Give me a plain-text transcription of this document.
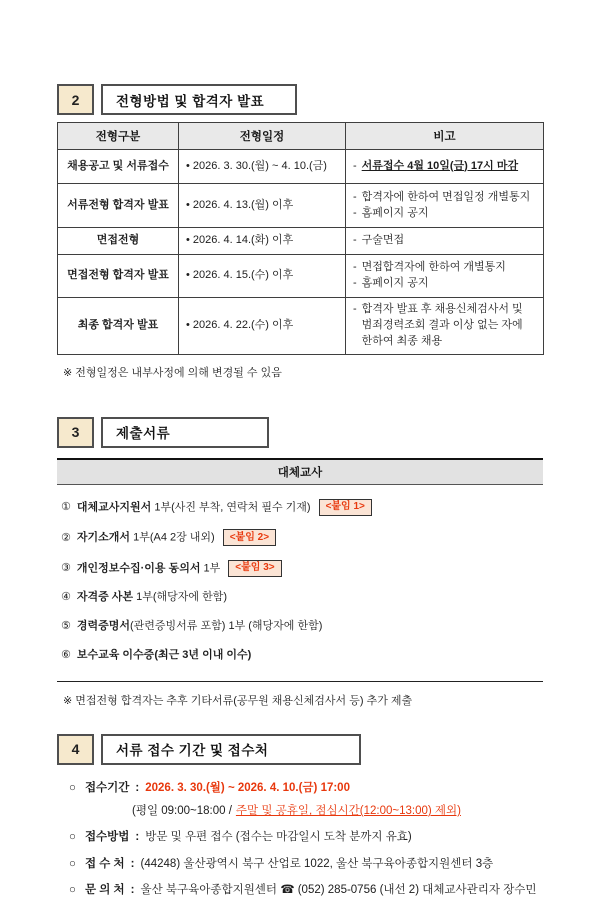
2	전형방법 및 합격자 발표
전형구분	전형일정	비고
채용공고 및 서류접수	• 2026. 3. 30.(월) ~ 4. 10.(금)	- 서류접수 4월 10일(금) 17시 마감

서류전형 합격자 발표	• 2026. 4. 13.(월) 이후	- 합격자에 한하여 면접일정 개별통지
- 홈페이지 공지

면접전형	• 2026. 4. 14.(화) 이후	- 구술면접

면접전형 합격자 발표	• 2026. 4. 15.(수) 이후	- 면접합격자에 한하여 개별통지
- 홈페이지 공지

최종 합격자 발표	• 2026. 4. 22.(수) 이후	- 합격자 발표 후 채용신체검사서 및 범죄경력조회 결과 이상 없는 자에 한하여 최종 채용
※ 전형일정은 내부사정에 의해 변경될 수 있음
3	제출서류
대체교사
① 대체교사지원서 1부(사진 부착, 연락처 필수 기재) <붙임 1>
② 자기소개서 1부(A4 2장 내외) <붙임 2>
③ 개인정보수집·이용 동의서 1부 <붙임 3>
④ 자격증 사본 1부(해당자에 한함)
⑤ 경력증명서(관련증빙서류 포함) 1부 (해당자에 한함)
⑥ 보수교육 이수증(최근 3년 이내 이수)
※ 면접전형 합격자는 추후 기타서류(공무원 채용신체검사서 등) 추가 제출
4	서류 접수 기간 및 접수처
○ 접수기간 : 2026. 3. 30.(월) ~ 2026. 4. 10.(금) 17:00
(평일 09:00~18:00 / 주말 및 공휴일, 점심시간(12:00~13:00) 제외)
○ 접수방법 : 방문 및 우편 접수 (접수는 마감일시 도착 분까지 유효)
○ 접 수 처 : (44248) 울산광역시 북구 산업로 1022, 울산 북구육아종합지원센터 3층
○ 문 의 처 : 울산 북구육아종합지원센터 ☎ (052) 285-0756 (내선 2) 대체교사관리자 장수민
